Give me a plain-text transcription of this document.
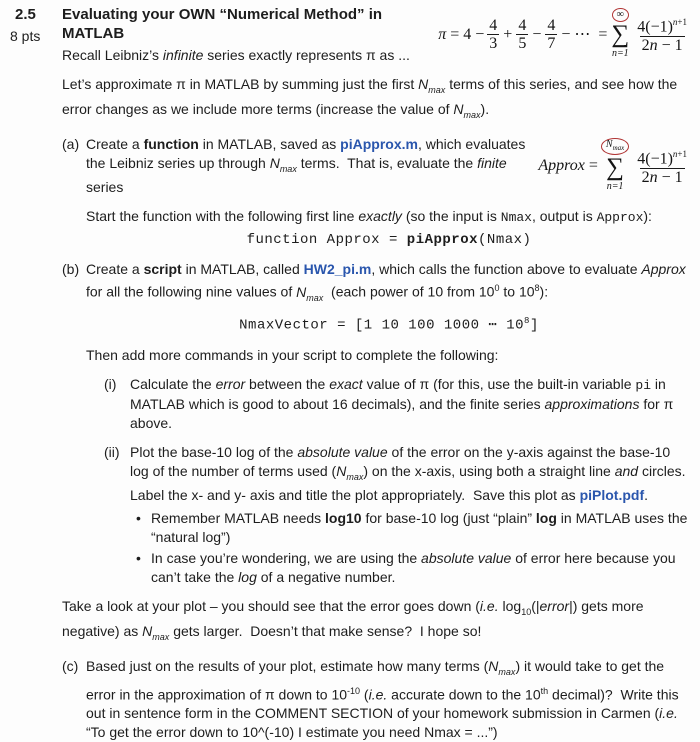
2.5
8 pts
Evaluating your OWN “Numerical Method” in MATLAB
Recall Leibniz’s infinite series exactly represents π as ...
$\pi = 4 - \frac{4}{3} + \frac{4}{5} - \frac{4}{7}$ − ⋯  =
∞
∑
$n=1 \frac{4(-1)^{n+1}}{2n - 1}$
Let’s approximate π in MATLAB by summing just the first $N_{max}$ terms of this series, and see how the error changes as we include more terms (increase the value of $N_{max}$).
(a) Create a function in MATLAB, saved as piApprox.m, which evaluates the Leibniz series up through $N_{max}$ terms.  That is, evaluate the finite series
Approx =
$N_{max}$
∑
n=1
$\frac{4(-1)^{n+1}}{2n - 1}$
Start the function with the following first line exactly (so the input is Nmax, output is Approx):
function Approx = piApprox(Nmax)
(b) Create a script in MATLAB, called HW2_pi.m, which calls the function above to evaluate Approx for all the following nine values of $N_{max}$  (each power of 10 from $10^0$ to $10^8$):
NmaxVector = [1 10 100 1000 ⋯ $10^8$]
Then add more commands in your script to complete the following:
(i) Calculate the error between the exact value of π (for this, use the built-in variable pi in MATLAB which is good to about 16 decimals), and the finite series approximations for π above.
(ii) Plot the base-10 log of the absolute value of the error on the y-axis against the base-10 log of the number of terms used $(N_{max})$ on the x-axis, using both a straight line and circles. Label the x- and y- axis and title the plot appropriately.  Save this plot as piPlot.pdf.
• Remember MATLAB needs log10 for base-10 log (just “plain” log in MATLAB uses the “natural log”)
• In case you’re wondering, we are using the absolute value of error here because you can’t take the log of a negative number.
Take a look at your plot – you should see that the error goes down (i.e. $\log_{10}(|error|)$ gets more negative) as $N_{max}$ gets larger.  Doesn’t that make sense?  I hope so!
(c) Based just on the results of your plot, estimate how many terms $(N_{max})$ it would take to get the error in the approximation of π down to $10^{-10}$ (i.e. accurate down to the 10th decimal)?  Write this out in sentence form in the COMMENT SECTION of your homework submission in Carmen (i.e. “To get the error down to 10^(-10) I estimate you need Nmax = ...”)
